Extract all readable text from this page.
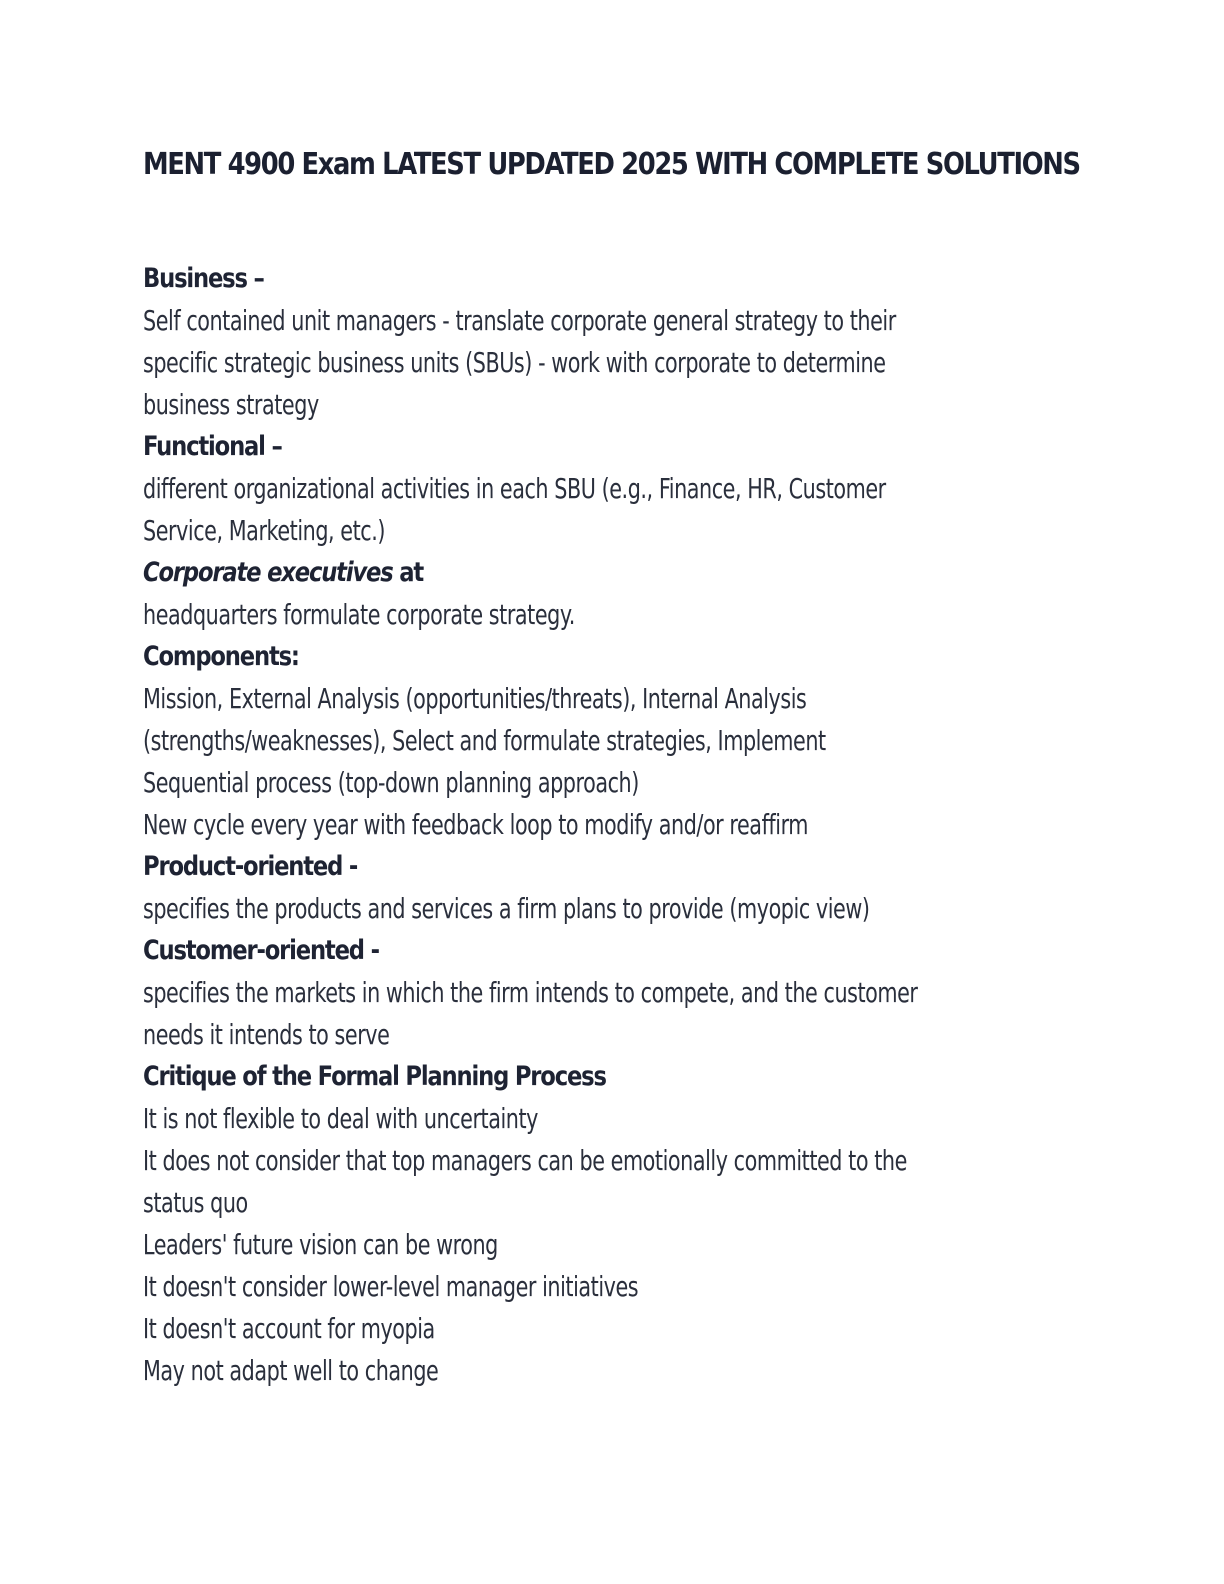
MENT 4900 Exam LATEST UPDATED 2025 WITH COMPLETE SOLUTIONS

Business –

Self contained unit managers - translate corporate general strategy to their

specific strategic business units (SBUs) - work with corporate to determine

business strategy

Functional –

different organizational activities in each SBU (e.g., Finance, HR, Customer

Service, Marketing, etc.)

Corporate executives at

headquarters formulate corporate strategy.

Components:

Mission, External Analysis (opportunities/threats), Internal Analysis

(strengths/weaknesses), Select and formulate strategies, Implement

Sequential process (top-down planning approach)

New cycle every year with feedback loop to modify and/or reaffirm

Product-oriented -

specifies the products and services a firm plans to provide (myopic view)

Customer-oriented -

specifies the markets in which the firm intends to compete, and the customer

needs it intends to serve

Critique of the Formal Planning Process

It is not flexible to deal with uncertainty

It does not consider that top managers can be emotionally committed to the

status quo

Leaders' future vision can be wrong

It doesn't consider lower-level manager initiatives

It doesn't account for myopia

May not adapt well to change
